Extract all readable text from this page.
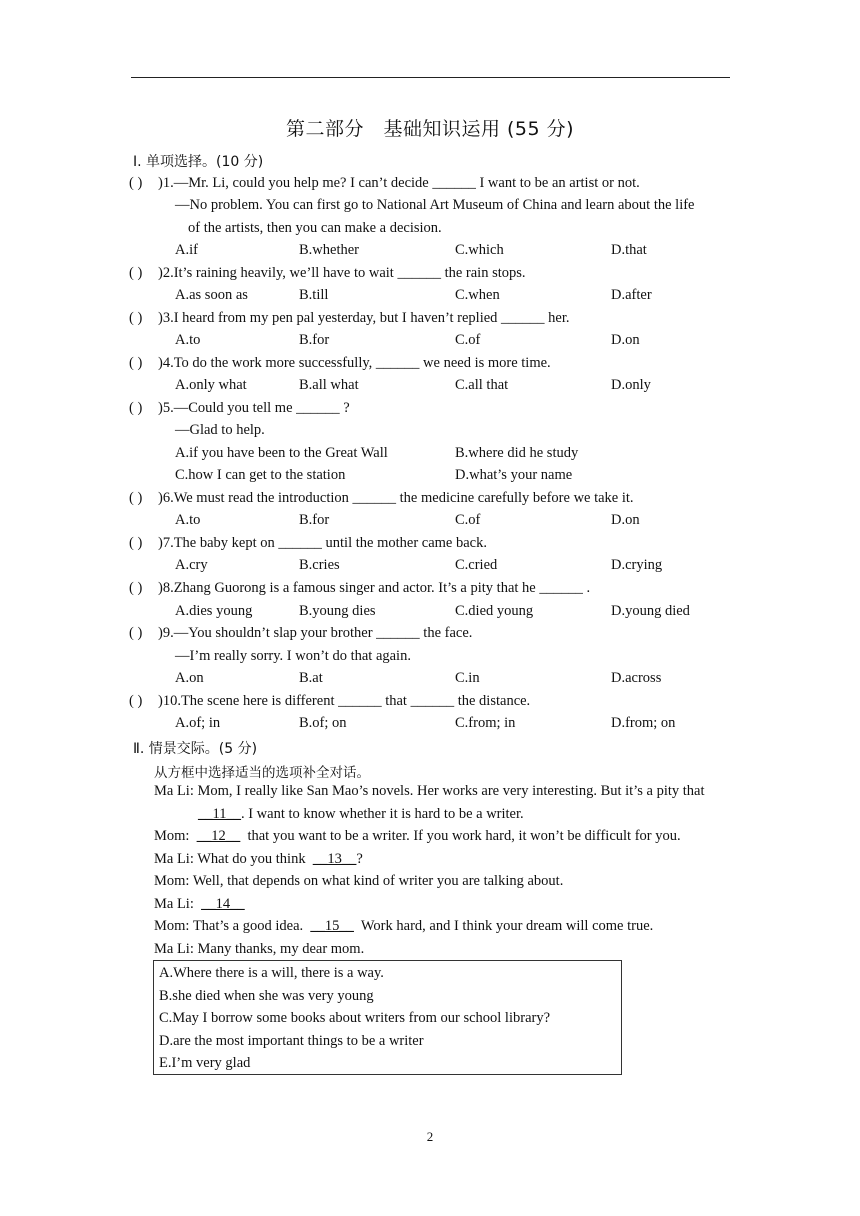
第二部分　基础知识运用 (55 分)
Ⅰ. 单项选择。(10 分)
( ) )1.—Mr. Li, could you help me? I can’t decide ______ I want to be an artist or not.
—No problem. You can first go to National Art Museum of China and learn about the life
of the artists, then you can make a decision.
A.if	B.whether	C.which	D.that
( ) )2.It’s raining heavily, we’ll have to wait ______ the rain stops.
A.as soon as	B.till	C.when	D.after
( ) )3.I heard from my pen pal yesterday, but I haven’t replied ______ her.
A.to	B.for	C.of	D.on
( ) )4.To do the work more successfully, ______ we need is more time.
A.only what	B.all what	C.all that	D.only
( ) )5.—Could you tell me ______ ?
—Glad to help.
A.if you have been to the Great Wall	B.where did he study
C.how I can get to the station	D.what’s your name
( ) )6.We must read the introduction ______ the medicine carefully before we take it.
A.to	B.for	C.of	D.on
( ) )7.The baby kept on ______ until the mother came back.
A.cry	B.cries	C.cried	D.crying
( ) )8.Zhang Guorong is a famous singer and actor. It’s a pity that he ______ .
A.dies young	B.young dies	C.died young	D.young died
( ) )9.—You shouldn’t slap your brother ______ the face.
—I’m really sorry. I won’t do that again.
A.on	B.at	C.in	D.across
( ) )10.The scene here is different ______ that ______ the distance.
A.of; in	B.of; on	C.from; in	D.from; on
Ⅱ. 情景交际。(5 分)
从方框中选择适当的选项补全对话。
Ma Li: Mom, I really like San Mao’s novels. Her works are very interesting. But it’s a pity that
__11__. I want to know whether it is hard to be a writer.
Mom: __12__ that you want to be a writer. If you work hard, it won’t be difficult for you.
Ma Li: What do you think __13__?
Mom: Well, that depends on what kind of writer you are talking about.
Ma Li: __14__
Mom: That’s a good idea. __15__ Work hard, and I think your dream will come true.
Ma Li: Many thanks, my dear mom.
A.Where there is a will, there is a way.
B.she died when she was very young
C.May I borrow some books about writers from our school library?
D.are the most important things to be a writer
E.I’m very glad
2
